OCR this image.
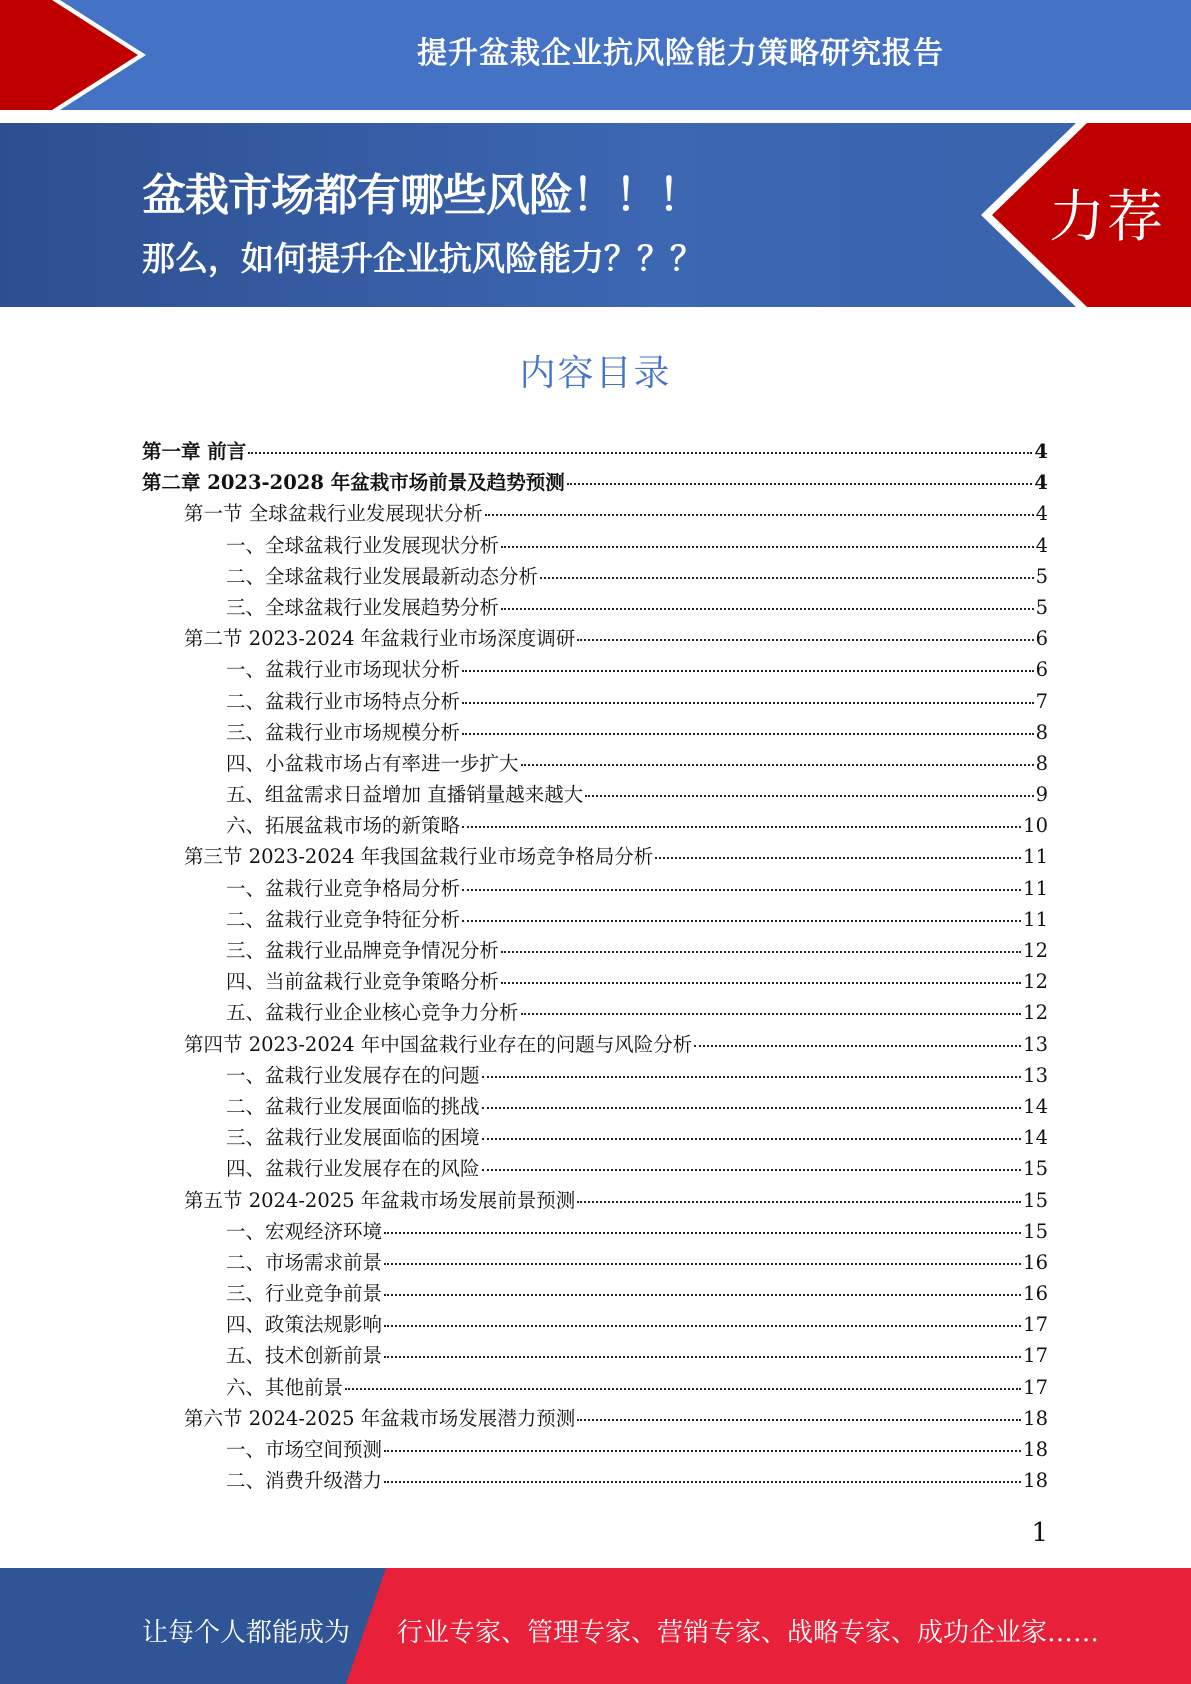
提升盆栽企业抗风险能力策略研究报告
盆栽市场都有哪些风险！！！
那么，如何提升企业抗风险能力？？？
力荐
内容目录
第一章 前言	4
第二章 2023-2028 年盆栽市场前景及趋势预测	4
第一节 全球盆栽行业发展现状分析	4
一、全球盆栽行业发展现状分析	4
二、全球盆栽行业发展最新动态分析	5
三、全球盆栽行业发展趋势分析	5
第二节 2023-2024 年盆栽行业市场深度调研	6
一、盆栽行业市场现状分析	6
二、盆栽行业市场特点分析	7
三、盆栽行业市场规模分析	8
四、小盆栽市场占有率进一步扩大	8
五、组盆需求日益增加 直播销量越来越大	9
六、拓展盆栽市场的新策略	10
第三节 2023-2024 年我国盆栽行业市场竞争格局分析	11
一、盆栽行业竞争格局分析	11
二、盆栽行业竞争特征分析	11
三、盆栽行业品牌竞争情况分析	12
四、当前盆栽行业竞争策略分析	12
五、盆栽行业企业核心竞争力分析	12
第四节 2023-2024 年中国盆栽行业存在的问题与风险分析	13
一、盆栽行业发展存在的问题	13
二、盆栽行业发展面临的挑战	14
三、盆栽行业发展面临的困境	14
四、盆栽行业发展存在的风险	15
第五节 2024-2025 年盆栽市场发展前景预测	15
一、宏观经济环境	15
二、市场需求前景	16
三、行业竞争前景	16
四、政策法规影响	17
五、技术创新前景	17
六、其他前景	17
第六节 2024-2025 年盆栽市场发展潜力预测	18
一、市场空间预测	18
二、消费升级潜力	18
1
让每个人都能成为 行业专家、管理专家、营销专家、战略专家、成功企业家……
